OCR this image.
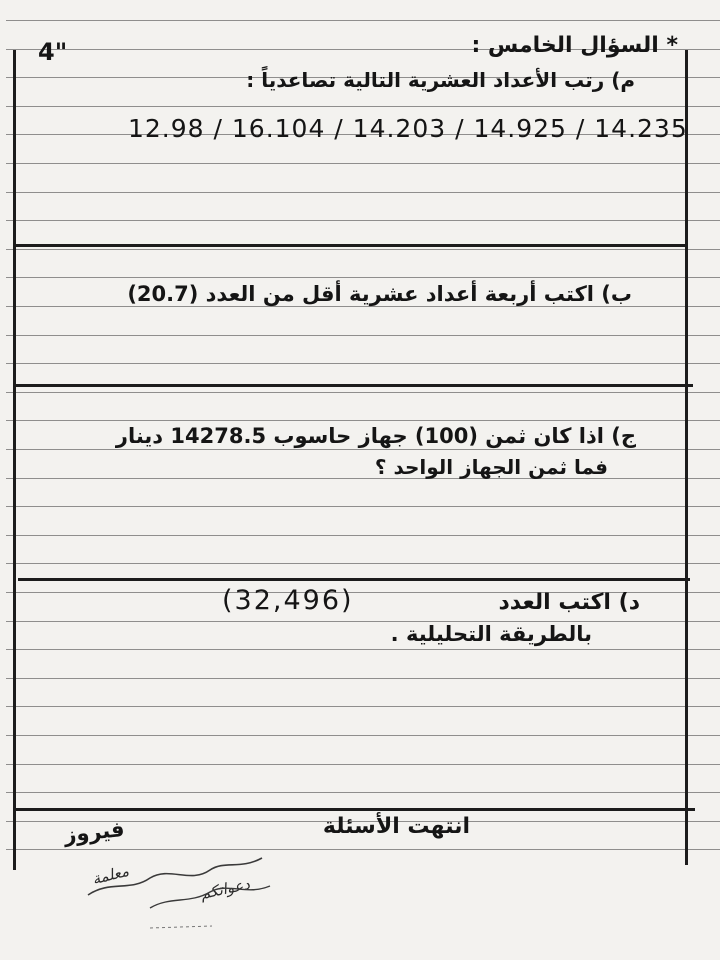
4"	* السؤال الخامس :
م) رتب الأعداد العشرية التالية تصاعدياً :
12.98 / 16.104 / 14.203 / 14.925 / 14.235
ب) اكتب أربعة أعداد عشرية أقل من العدد (20.7)
ج) اذا كان ثمن (100) جهاز حاسوب 14278.5 دينار
فما ثمن الجهاز الواحد ؟
د) اكتب العدد
(32,496)
بالطريقة التحليلية .
انتهت الأسئلة
فيروز
معلمة	دعواتكم
